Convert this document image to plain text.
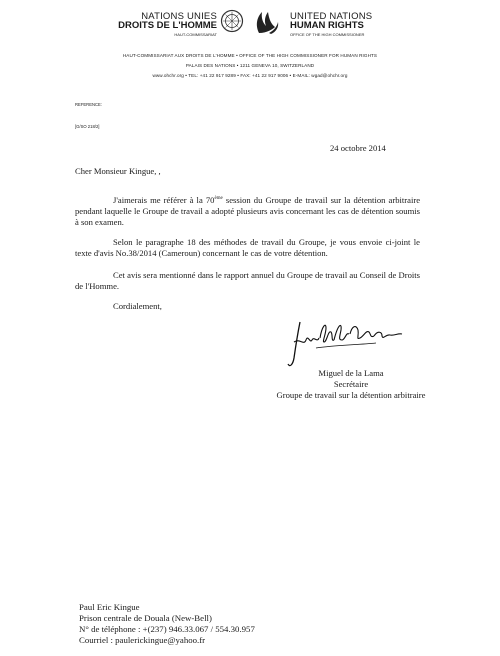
NATIONS UNIES
DROITS DE L'HOMME
HAUT-COMMISSARIAT
UNITED NATIONS
HUMAN RIGHTS
OFFICE OF THE HIGH COMMISSIONER
HAUT-COMMISSARIAT AUX DROITS DE L'HOMME • OFFICE OF THE HIGH COMMISSIONER FOR HUMAN RIGHTS
PALAIS DES NATIONS • 1211 GENEVA 10, SWITZERLAND
www.ohchr.org • TEL: +41 22 917 9289 • FAX: +41 22 917 9006 • E-MAIL: wgad@ohchr.org
REFERENCE:
[G/SO 218/2]
24 octobre 2014
Cher Monsieur Kingue, ,
J'aimerais me référer à la 70ème session du Groupe de travail sur la détention arbitraire pendant laquelle le Groupe de travail a adopté plusieurs avis concernant les cas de détention soumis à son examen.
Selon le paragraphe 18 des méthodes de travail du Groupe, je vous envoie ci-joint le texte d'avis No.38/2014 (Cameroun) concernant le cas de votre détention.
Cet avis sera mentionné dans le rapport annuel du Groupe de travail au Conseil de Droits de l'Homme.
Cordialement,
Miguel de la Lama
Secrétaire
Groupe de travail sur la détention arbitraire
Paul Eric Kingue
Prison centrale de Douala (New-Bell)
N° de téléphone : +(237) 946.33.067 / 554.30.957
Courriel : paulerickingue@yahoo.fr
